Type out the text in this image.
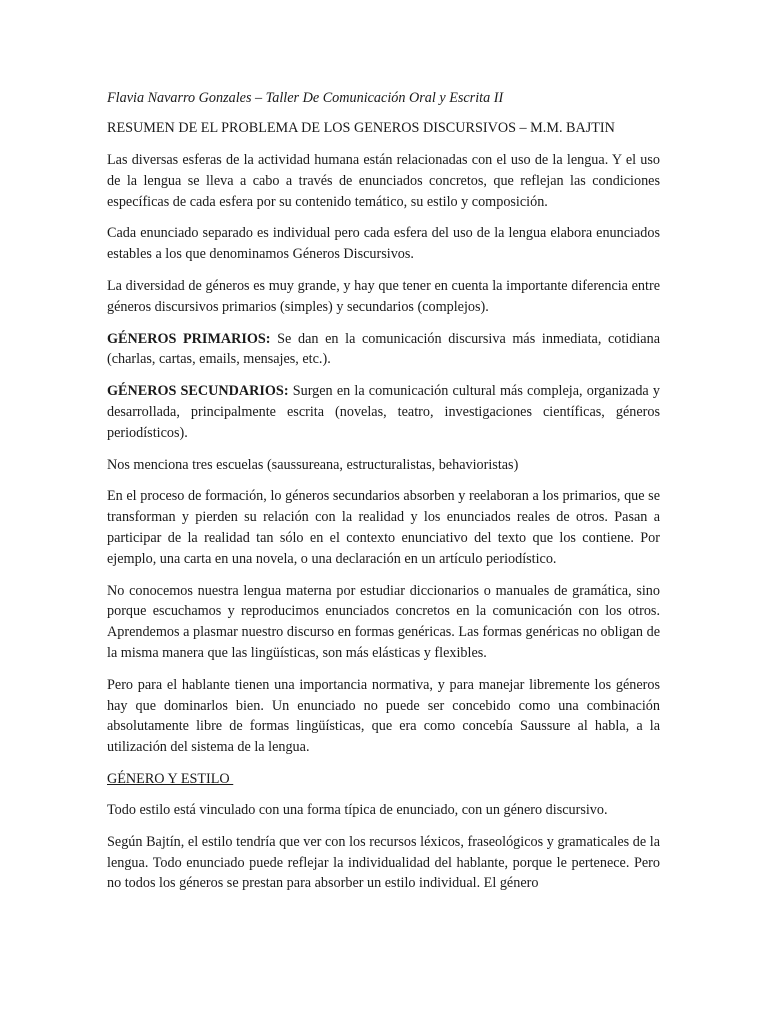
Flavia Navarro Gonzales – Taller De Comunicación Oral y Escrita II
RESUMEN DE EL PROBLEMA DE LOS GENEROS DISCURSIVOS – M.M. BAJTIN

Las diversas esferas de la actividad humana están relacionadas con el uso de la lengua. Y el uso de la lengua se lleva a cabo a través de enunciados concretos, que reflejan las condiciones específicas de cada esfera por su contenido temático, su estilo y composición.

Cada enunciado separado es individual pero cada esfera del uso de la lengua elabora enunciados estables a los que denominamos Géneros Discursivos.

La diversidad de géneros es muy grande, y hay que tener en cuenta la importante diferencia entre géneros discursivos primarios (simples) y secundarios (complejos).

GÉNEROS PRIMARIOS: Se dan en la comunicación discursiva más inmediata, cotidiana (charlas, cartas, emails, mensajes, etc.).

GÉNEROS SECUNDARIOS: Surgen en la comunicación cultural más compleja, organizada y desarrollada, principalmente escrita (novelas, teatro, investigaciones científicas, géneros periodísticos).

Nos menciona tres escuelas (saussureana, estructuralistas, behavioristas)

En el proceso de formación, lo géneros secundarios absorben y reelaboran a los primarios, que se transforman y pierden su relación con la realidad y los enunciados reales de otros. Pasan a participar de la realidad tan sólo en el contexto enunciativo del texto que los contiene. Por ejemplo, una carta en una novela, o una declaración en un artículo periodístico.

No conocemos nuestra lengua materna por estudiar diccionarios o manuales de gramática, sino porque escuchamos y reproducimos enunciados concretos en la comunicación con los otros. Aprendemos a plasmar nuestro discurso en formas genéricas. Las formas genéricas no obligan de la misma manera que las lingüísticas, son más elásticas y flexibles.

Pero para el hablante tienen una importancia normativa, y para manejar libremente los géneros hay que dominarlos bien. Un enunciado no puede ser concebido como una combinación absolutamente libre de formas lingüísticas, que era como concebía Saussure al habla, a la utilización del sistema de la lengua.

GÉNERO Y ESTILO

Todo estilo está vinculado con una forma típica de enunciado, con un género discursivo.

Según Bajtín, el estilo tendría que ver con los recursos léxicos, fraseológicos y gramaticales de la lengua. Todo enunciado puede reflejar la individualidad del hablante, porque le pertenece. Pero no todos los géneros se prestan para absorber un estilo individual. El género
